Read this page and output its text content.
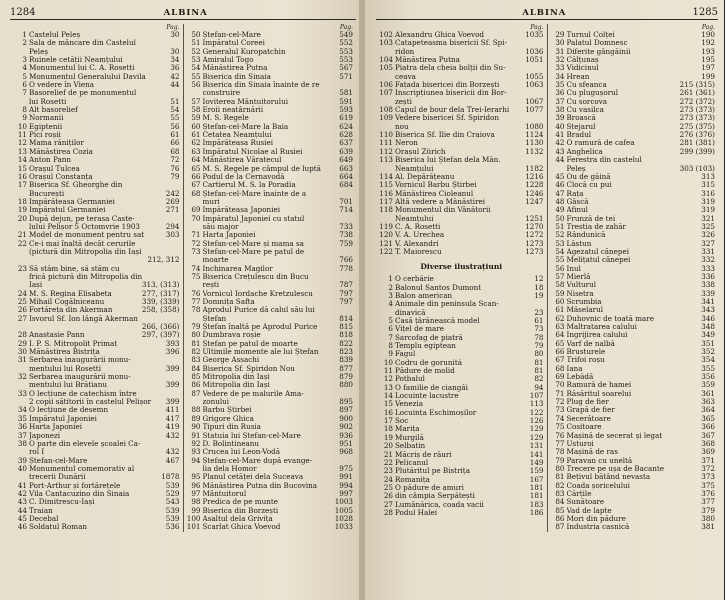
1284	ALBINA
Pag.
1 Castelul Peleș	30
2 Sala de mâncare din Castelul
Peleș	30
3 Ruinele cetății Neamțului	34
4 Monumentul lui C. A. Rosetti	36
5 Monumentul Generalului Davila	42
6 O vedere în Viena	44
7 Basorelief de pe monumentul
lui Rosetti	51
8 Alt basorelief	54
9 Normanii	55
10 Egiptenii	56
11 Pici roșii	61
12 Mama răniților	66
13 Mănăstirea Cozia	68
14 Anton Pann	72
15 Orașul Tulcea	76
16 Orașul Constanța	79
17 Biserica Sf. Gheorghe din
București	242
18 Împărăteasa Germaniei	269
19 Împăratul Germaniei	271
20 După dejun, pe terasa Caste-
lului Pelișor 5 Octomvrie 1903	294
21 Model de monument pentru sat	303
22 Ce-i mai înaltă decât cerurile
(pictură din Mitropolia din Iași
212, 312
23 Să stăm bine, să stăm cu
frică pictură din Mitropolia din
Iași	313, (313)
24 M. S. Regina Elisabeta	277, (317)
25 Mihail Cogălniceanu	339, (339)
26 Fortăreța din Akerman	258, (358)
27 Isvorul Sf. Ion lângă Akerman
266, (366)
28 Anastasie Pann	297, (397)
29 I. P. S. Mitropolit Primat	393
30 Mănăstirea Bistrița	396
31 Serbarea inaugurării monu-
mentului lui Rosetti	399
32 Serbarea inaugurării monu-
mentului lui Brătianu	399
33 O lecțiune de catechism între
2 copii sătitorii în castelul Pelișor	399
34 O lecțiune de desemn	411
35 Împăratul Japoniei	417
36 Harta Japoniei	419
37 Japonezi	432
38 O parte din elevele școalei Ca-
rol I	432
39 Ștefan-cel-Mare	467
40 Monumentul comemorativ al
trecerii Dunării	1878
41 Port-Arthur și fortărețele	539
42 Vila Cantacuzino din Sinaia	529
43 C. Dimitrescu-Iași	543
44 Traian	539
45 Decebal	539
46 Soldatul Roman	536
Pag.
50 Ștefan-cel-Mare	549
51 Împăratul Coreei	552
52 Generalul Kuropatchin	553
53 Amiralul Togo	553
54 Mănăstirea Putna	567
55 Biserica din Sinaia	571
56 Biserica din Sinaia înainte de re
construire	581
57 Ioviterea Mântuitorului	591
58 Eroii neatârnării	593
59 M. S. Regele	619
60 Ștefan-cel-Mare la Baia	624
61 Cetatea Neamțului	628
62 Împărăteasa Rusiei	637
63 Împăratul Nicolae al Rusiei	639
64 Mănăstirea Văratecul	649
65 M. S. Regele pe câmpul de luptă	663
66 Podul de la Cernavodă	664
67 Cartierul M. S. la Poradia	684
68 Ștefan-cel-Mare înainte de a
muri	701
69 Împărăteasa Japoniei	714
70 Împăratul Japoniei cu statul
său major	733
71 Harta Japoniei	738
72 Ștefan-cel-Mare și mama sa	759
73 Ștefan-cel-Mare pe patul de
moarte	766
74 Inchinarea Magilor	778
75 Biserica Crețulescu din Bucu
rești	787
76 Vornicul Iordache Kretzulescu	797
77 Domnița Safta	797
78 Aprodul Purice dă calul său lui
Ștefan	814
79 Ștefan înaltă pe Aprodul Purice	815
80 Dumbrava roșie	818
81 Ștefan pe patul de moarte	822
82 Ultimile momente ale lui Ștefan	823
83 George Assachi	839
84 Biserica Sf. Spiridon Nou	877
85 Mitropolia din Iași	879
86 Mitropolia din Iași	880
87 Vedere de pe malurile Ama-
zonului	895
88 Barbu Știrbei	897
89 Grigore Ghica	900
90 Tipuri din Rusia	902
91 Statuia lui Ștefan-cel-Mare	936
92 D. Bolintineanu	951
93 Crucea lui Leon-Vodă	968
94 Ștefan-cel-Mare după evange-
lia dela Homor	975
95 Planul cetăței dela Suceava	991
96 Mănăstirea Putna din Bucovina	994
97 Mântuitorul	997
98 Predica de pe munte	1003
99 Biserica din Borzești	1005
100 Asaltul dela Grivița	1028
101 Scarlat Ghica Voevod	1033
ALBINA	1285
Pag.
102 Alexandru Ghica Voevod	1035
103 Catapeteasma bisericii Sf. Spi-
ridon	1036
104 Mănăstirea Putna	1051
105 Piatra dela cheia bolții din Su-
ceava	1055
106 Fațada bisericei din Borzești	1063
107 Inscripțiunea bisericii din Bor-
zești	1067
108 Capul de bour dela Trei-Ierarhi	1077
109 Vedere bisericei Sf. Spiridon
nou	1080
110 Biserica Sf. Ilie din Craiova	1124
111 Neron	1130
112 Orașul Zürich	1132
113 Biserica lui Ștefan dela Măn.
Neamțului	1182
114 Al. Depărățeanu	1216
115 Vornicul Barbu Știrbei	1228
116 Mănăstirea Cioleanul	1246
117 Altă vedere a Mănăstirei	1247
118 Monumentul din Vânătorii
Neamțului	1251
119 C. A. Rosetti	1270
120 V. A. Urechea	1272
121 V. Alexandri	1273
122 T. Maiorescu	1273
Diverse ilustrațiuni
1 O cerbărie	12
2 Balonul Santos Dumont	18
3 Balon american	19
4 Animale din peninsula Scan-
dinavică	23
5 Casă țărănească model	61
6 Vițel de mare	73
7 Sarcofag de piatră	78
8 Templu egiptean	79
9 Fagul	80
10 Codru de gorunitá	81
11 Pădure de molid	81
12 Potbalul	82
13 O familie de ciangăi	94
14 Locuinte lacustre	107
15 Venezia	113
16 Locuința Eschimoșilor	122
17 Soc	126
18 Marița	129
19 Murgilă	129
20 Selbatin	131
21 Măcriș de răuri	141
22 Pelicanul	149
23 Plutăritul pe Bistrița	159
24 Romanița	167
25 O pădure de amuri	181
26 din câmpia Serpătești	181
27 Lumânărica, coada vacii	183
28 Podul Halei	186
Pag.
29 Turnul Colței	190
30 Palatul Domnesc	192
31 Diferite gângăinii	193
32 Călțunaș	195
33 Vidicinul	197
34 Hrean	199
35 Cu sfeanca	215 (315)
36 Cu plugușorul	261 (361)
37 Cu sorcova	272 (372)
38 Cu vasilca	273 (373)
39 Broască	273 (373)
40 Stejarul	275 (375)
41 Bradul	276 (376)
42 O ramură de cafea	281 (381)
43 Anghelica	299 (399)
44 Ferestra din castelul
Peleș	303 (103)
45 Ou de găină	313
46 Clocă cu pui	315
47 Rața	316
48 Gâscă	319
49 Afinul	319
50 Frunză de tei	321
51 Trestia de zahăr	325
52 Rândunică	326
53 Lăstun	327
54 Agezatul cânepei	331
55 Melițatul cânepei	332
56 Inul	333
57 Mierlă	336
58 Vulturul	338
59 Nisetra	339
60 Scrumbia	341
61 Măselarul	343
62 Duhovnic de toată mare	346
63 Maltratarea calului	348
64 Ingrijirea calului	349
65 Varf de nalbă	351
66 Brusturele	352
67 Trifoi roșu	354
68 Iana	355
69 Lebădă	356
70 Ramură de hamei	359
71 Răsăritul soarelui	361
72 Plug de fier	363
73 Grapă de fier	364
74 Secerătoare	365
75 Cositoare	366
76 Mașină de secerat și legat	367
77 Usturoi	368
78 Mașină de ras	369
79 Paravan cu uneltă	371
80 Trecere pe ușa de Bacante	372
81 Bețivul bătând nevasta	373
82 Coada șoricelului	375
83 Cărțile	376
84 Sunătoare	377
85 Vad de lapte	379
86 Mori din pădure	380
87 Industria casnică	381
